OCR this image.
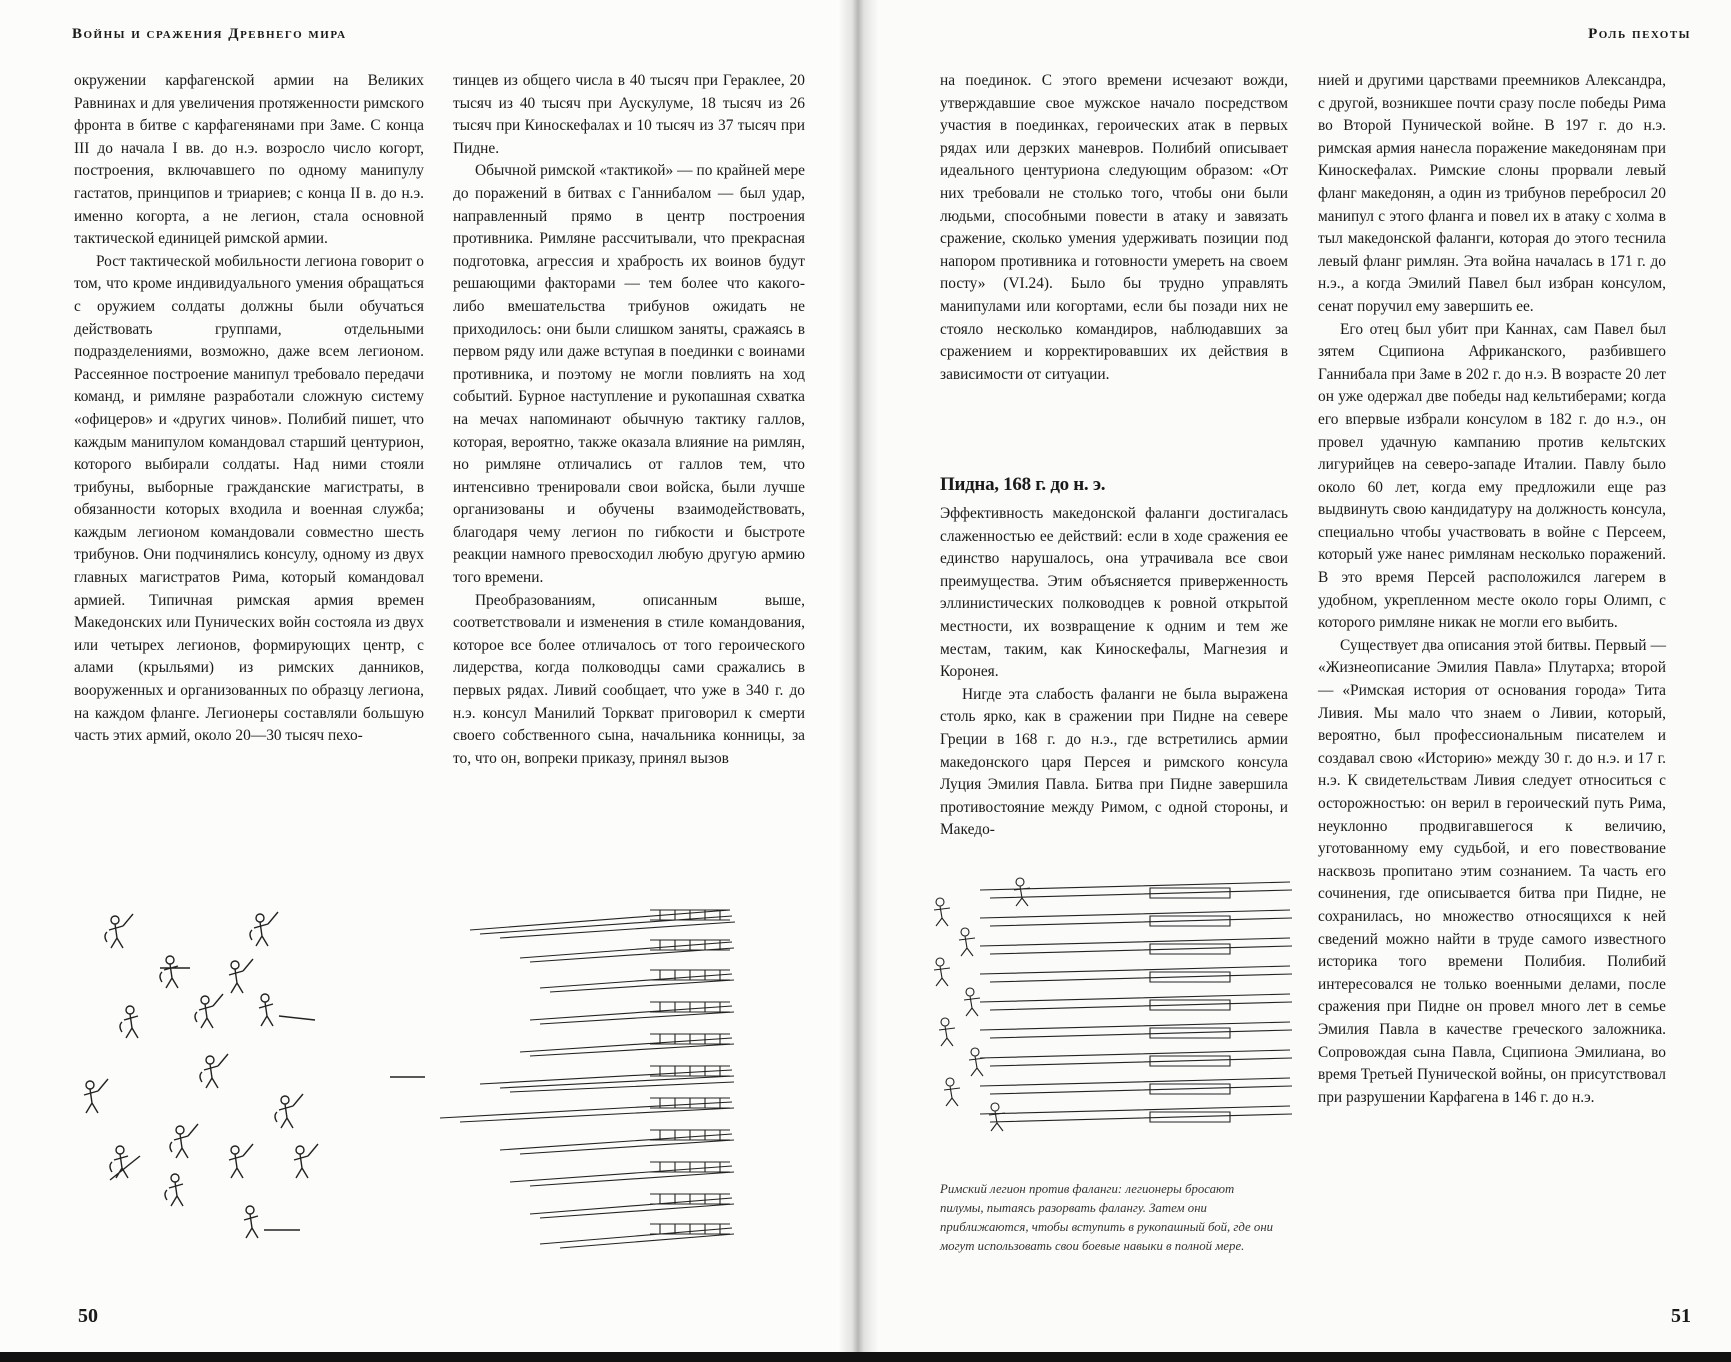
Войны и сражения Древнего мира

окружении карфагенской армии на Великих Равнинах и для увеличения протяженности римского фронта в битве с карфагенянами при Заме. С конца III до начала I вв. до н.э. возросло число когорт, построения, включавшего по одному манипулу гастатов, принципов и триариев; с конца II в. до н.э. именно когорта, а не легион, стала основной тактической единицей римской армии.

Рост тактической мобильности легиона говорит о том, что кроме индивидуального умения обращаться с оружием солдаты должны были обучаться действовать группами, отдельными подразделениями, возможно, даже всем легионом. Рассеянное построение манипул требовало передачи команд, и римляне разработали сложную систему «офицеров» и «других чинов». Полибий пишет, что каждым манипулом командовал старший центурион, которого выбирали солдаты. Над ними стояли трибуны, выборные гражданские магистраты, в обязанности которых входила и военная служба; каждым легионом командовали совместно шесть трибунов. Они подчинялись консулу, одному из двух главных магистратов Рима, который командовал армией. Типичная римская армия времен Македонских или Пунических войн состояла из двух или четырех легионов, формирующих центр, с алами (крыльями) из римских данников, вооруженных и организованных по образцу легиона, на каждом фланге. Легионеры составляли большую часть этих армий, около 20—30 тысяч пехо-

тинцев из общего числа в 40 тысяч при Гераклее, 20 тысяч из 40 тысяч при Аускулуме, 18 тысяч из 26 тысяч при Киноскефалах и 10 тысяч из 37 тысяч при Пидне.

Обычной римской «тактикой» — по крайней мере до поражений в битвах с Ганнибалом — был удар, направленный прямо в центр построения противника. Римляне рассчитывали, что прекрасная подготовка, агрессия и храбрость их воинов будут решающими факторами — тем более что какого-либо вмешательства трибунов ожидать не приходилось: они были слишком заняты, сражаясь в первом ряду или даже вступая в поединки с воинами противника, и поэтому не могли повлиять на ход событий. Бурное наступление и рукопашная схватка на мечах напоминают обычную тактику галлов, которая, вероятно, также оказала влияние на римлян, но римляне отличались от галлов тем, что интенсивно тренировали свои войска, были лучше организованы и обучены взаимодействовать, благодаря чему легион по гибкости и быстроте реакции намного превосходил любую другую армию того времени.

Преобразованиям, описанным выше, соответствовали и изменения в стиле командования, которое все более отличалось от того героического лидерства, когда полководцы сами сражались в первых рядах. Ливий сообщает, что уже в 340 г. до н.э. консул Манилий Торкват приговорил к смерти своего собственного сына, начальника конницы, за то, что он, вопреки приказу, принял вызов

50
Роль пехоты
51

на поединок. С этого времени исчезают вожди, утверждавшие свое мужское начало посредством участия в поединках, героических атак в первых рядах или дерзких маневров. Полибий описывает идеального центуриона следующим образом: «От них требовали не столько того, чтобы они были людьми, способными повести в атаку и завязать сражение, сколько умения удерживать позиции под напором противника и готовности умереть на своем посту» (VI.24). Было бы трудно управлять манипулами или когортами, если бы позади них не стояло несколько командиров, наблюдавших за сражением и корректировавших их действия в зависимости от ситуации.

Пидна, 168 г. до н. э.

Эффективность македонской фаланги достигалась слаженностью ее действий: если в ходе сражения ее единство нарушалось, она утрачивала все свои преимущества. Этим объясняется приверженность эллинистических полководцев к ровной открытой местности, их возвращение к одним и тем же местам, таким, как Киноскефалы, Магнезия и Коронея.

Нигде эта слабость фаланги не была выражена столь ярко, как в сражении при Пидне на севере Греции в 168 г. до н.э., где встретились армии македонского царя Персея и римского консула Луция Эмилия Павла. Битва при Пидне завершила противостояние между Римом, с одной стороны, и Македо-

нией и другими царствами преемников Александра, с другой, возникшее почти сразу после победы Рима во Второй Пунической войне. В 197 г. до н.э. римская армия нанесла поражение македонянам при Киноскефалах. Римские слоны прорвали левый фланг македонян, а один из трибунов перебросил 20 манипул с этого фланга и повел их в атаку с холма в тыл македонской фаланги, которая до этого теснила левый фланг римлян. Эта война началась в 171 г. до н.э., а когда Эмилий Павел был избран консулом, сенат поручил ему завершить ее.

Его отец был убит при Каннах, сам Павел был зятем Сципиона Африканского, разбившего Ганнибала при Заме в 202 г. до н.э. В возрасте 20 лет он уже одержал две победы над кельтиберами; когда его впервые избрали консулом в 182 г. до н.э., он провел удачную кампанию против кельтских лигурийцев на северо-западе Италии. Павлу было около 60 лет, когда ему предложили еще раз выдвинуть свою кандидатуру на должность консула, специально чтобы участвовать в войне с Персеем, который уже нанес римлянам несколько поражений. В это время Персей расположился лагерем в удобном, укрепленном месте около горы Олимп, с которого римляне никак не могли его выбить.

Существует два описания этой битвы. Первый — «Жизнеописание Эмилия Павла» Плутарха; второй — «Римская история от основания города» Тита Ливия. Мы мало что знаем о Ливии, который, вероятно, был профессиональным писателем и создавал свою «Историю» между 30 г. до н.э. и 17 г. н.э. К свидетельствам Ливия следует относиться с осторожностью: он верил в героический путь Рима, неуклонно продвигавшегося к величию, уготованному ему судьбой, и его повествование насквозь пропитано этим сознанием. Та часть его сочинения, где описывается битва при Пидне, не сохранилась, но множество относящихся к ней сведений можно найти в труде самого известного историка того времени Полибия. Полибий интересовался не только военными делами, после сражения при Пидне он провел много лет в семье Эмилия Павла в качестве греческого заложника. Сопровождая сына Павла, Сципиона Эмилиана, во время Третьей Пунической войны, он присутствовал при разрушении Карфагена в 146 г. до н.э.

Римский легион против фаланги: легионеры бросают пилумы, пытаясь разорвать фалангу. Затем они приближаются, чтобы вступить в рукопашный бой, где они могут использовать свои боевые навыки в полной мере.
